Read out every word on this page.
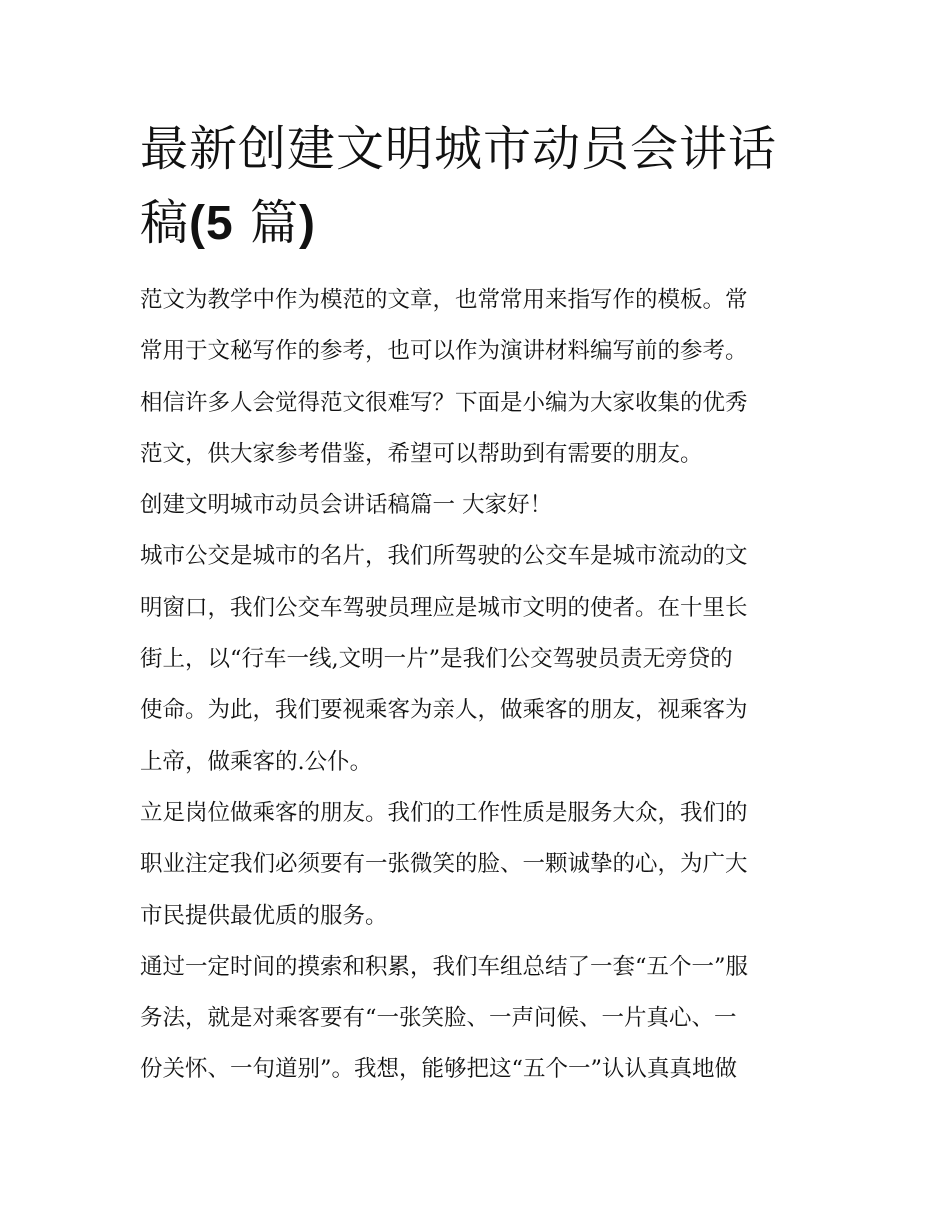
最新创建文明城市动员会讲话
稿(5 篇)
范文为教学中作为模范的文章，也常常用来指写作的模板。常
常用于文秘写作的参考，也可以作为演讲材料编写前的参考。
相信许多人会觉得范文很难写？下面是小编为大家收集的优秀
范文，供大家参考借鉴，希望可以帮助到有需要的朋友。
创建文明城市动员会讲话稿篇一 大家好！
城市公交是城市的名片，我们所驾驶的公交车是城市流动的文
明窗口，我们公交车驾驶员理应是城市文明的使者。在十里长
街上，以“行车一线,文明一片”是我们公交驾驶员责无旁贷的
使命。为此，我们要视乘客为亲人，做乘客的朋友，视乘客为
上帝，做乘客的.公仆。
立足岗位做乘客的朋友。我们的工作性质是服务大众，我们的
职业注定我们必须要有一张微笑的脸、一颗诚挚的心，为广大
市民提供最优质的服务。
通过一定时间的摸索和积累，我们车组总结了一套“五个一”服
务法，就是对乘客要有“一张笑脸、一声问候、一片真心、一
份关怀、一句道别”。我想，能够把这“五个一”认认真真地做
